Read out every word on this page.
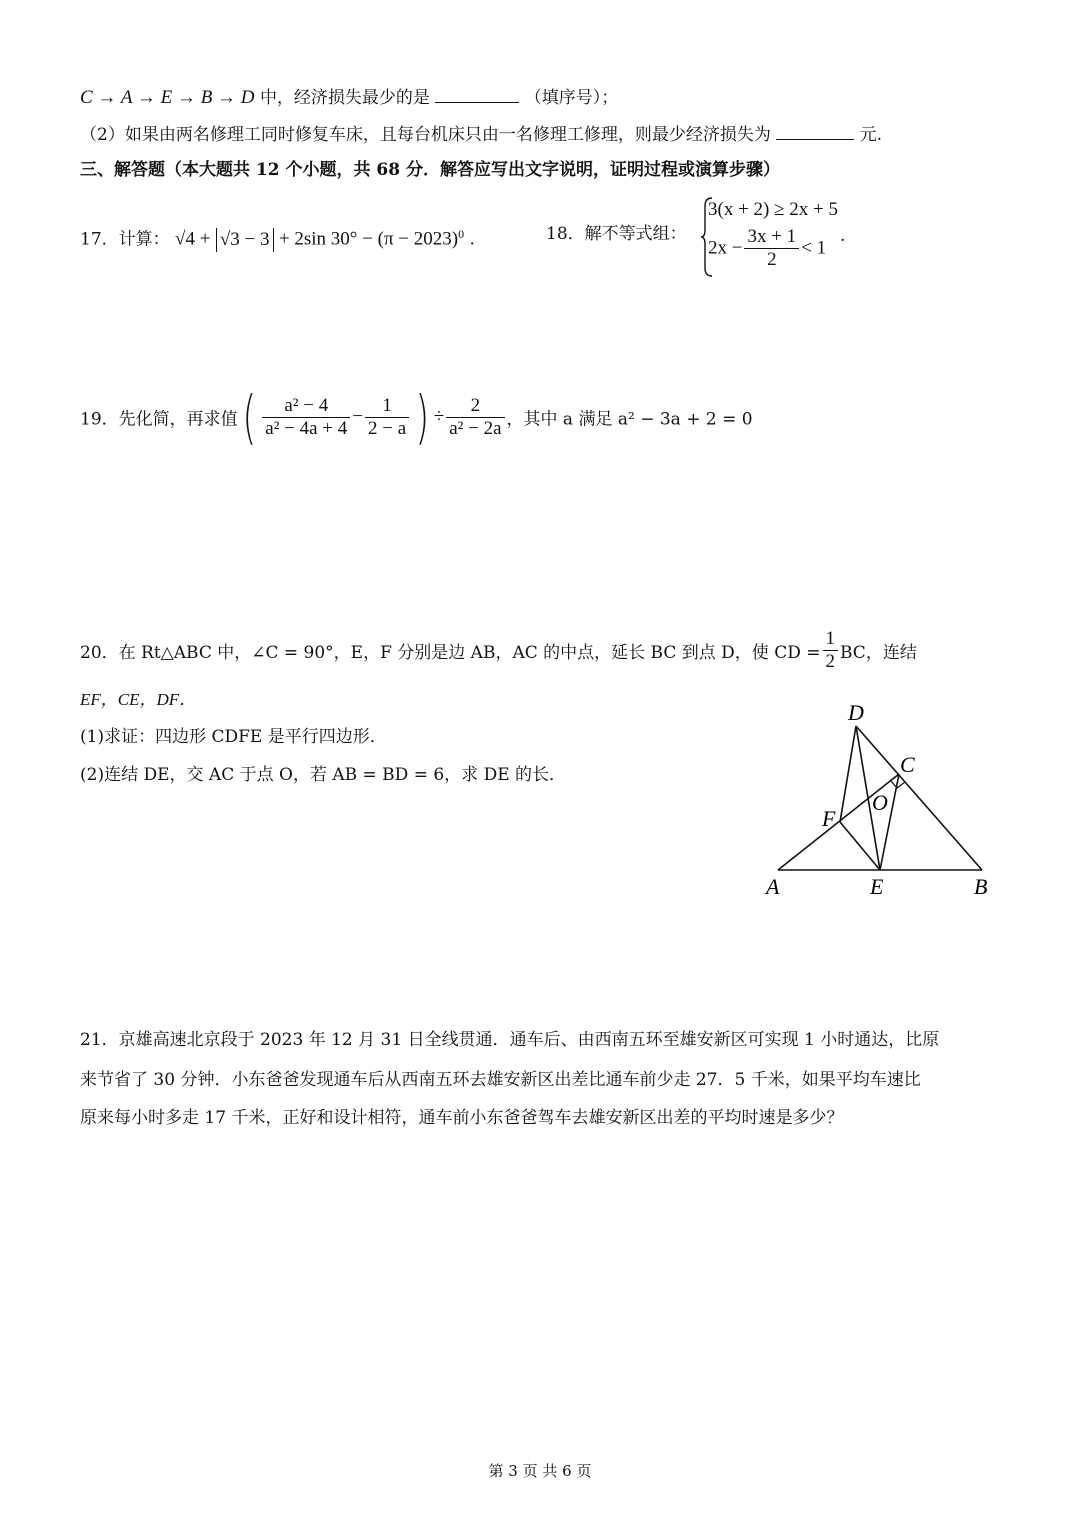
C → A → E → B → D 中，经济损失最少的是	（填序号）；
（2）如果由两名修理工同时修复车床，且每台机床只由一名修理工修理，则最少经济损失为	元.
三、解答题（本大题共 12 个小题，共 68 分．解答应写出文字说明，证明过程或演算步骤）
17．计算： √4 + √3 − 3 + 2sin $30^\circ - (\pi - 2023)^0$ .	18．解不等式组：
3(x + 2) ≥ 2x + 5
$2x - \frac{3x + 1}{2} < 1$
.
19．先化简，再求值( $\frac{\text{a² − 4}}{\text{a² − 4a + 4}} - \frac{1}{2 - a}$ ) ÷ $\frac{2}{\text{a² − 2a}}$ ，其中 a 满足 a² − 3a + 2 = 0
20．在 Rt△ABC 中，∠C = 90°，E，F 分别是边 AB，AC 的中点，延长 BC 到点 D，使 CD = $\frac{1}{2}$ BC，连结
EF，CE，DF．
(1)求证：四边形 CDFE 是平行四边形．
(2)连结 DE，交 AC 于点 O，若 AB = BD = 6，求 DE 的长．
D
C
O
F
A	E	B
21．京雄高速北京段于 2023 年 12 月 31 日全线贯通．通车后、由西南五环至雄安新区可实现 1 小时通达，比原
来节省了 30 分钟．小东爸爸发现通车后从西南五环去雄安新区出差比通车前少走 27．5 千米，如果平均车速比
原来每小时多走 17 千米，正好和设计相符，通车前小东爸爸驾车去雄安新区出差的平均时速是多少？
第 3 页 共 6 页
